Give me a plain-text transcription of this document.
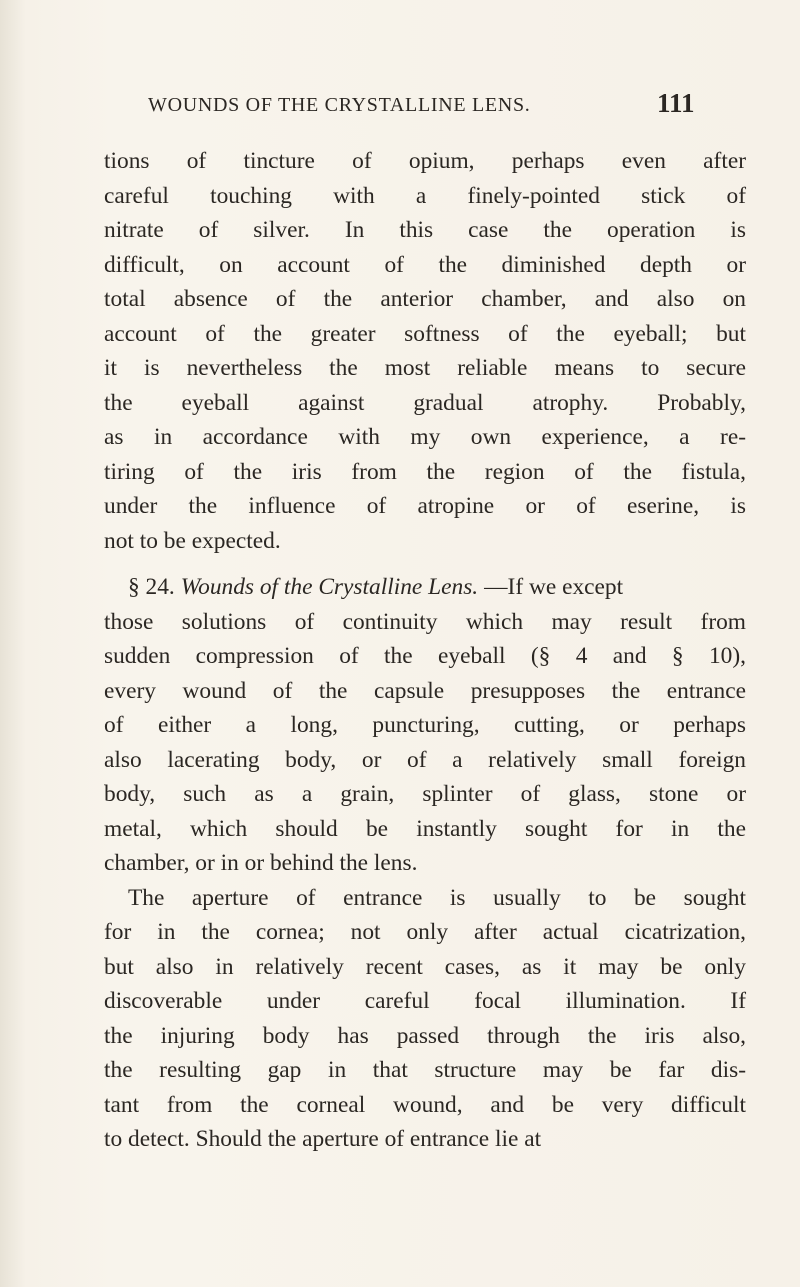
WOUNDS OF THE CRYSTALLINE LENS.	111
tions of tincture of opium, perhaps even after
careful touching with a finely-pointed stick of
nitrate of silver. In this case the operation is
difficult, on account of the diminished depth or
total absence of the anterior chamber, and also on
account of the greater softness of the eyeball; but
it is nevertheless the most reliable means to secure
the eyeball against gradual atrophy. Probably,
as in accordance with my own experience, a re-
tiring of the iris from the region of the fistula,
under the influence of atropine or of eserine, is
not to be expected.
§ 24. Wounds of the Crystalline Lens. —If we except
those solutions of continuity which may result from
sudden compression of the eyeball (§ 4 and § 10),
every wound of the capsule presupposes the entrance
of either a long, puncturing, cutting, or perhaps
also lacerating body, or of a relatively small foreign
body, such as a grain, splinter of glass, stone or
metal, which should be instantly sought for in the
chamber, or in or behind the lens.
The aperture of entrance is usually to be sought
for in the cornea; not only after actual cicatrization,
but also in relatively recent cases, as it may be only
discoverable under careful focal illumination. If
the injuring body has passed through the iris also,
the resulting gap in that structure may be far dis-
tant from the corneal wound, and be very difficult
to detect. Should the aperture of entrance lie at
